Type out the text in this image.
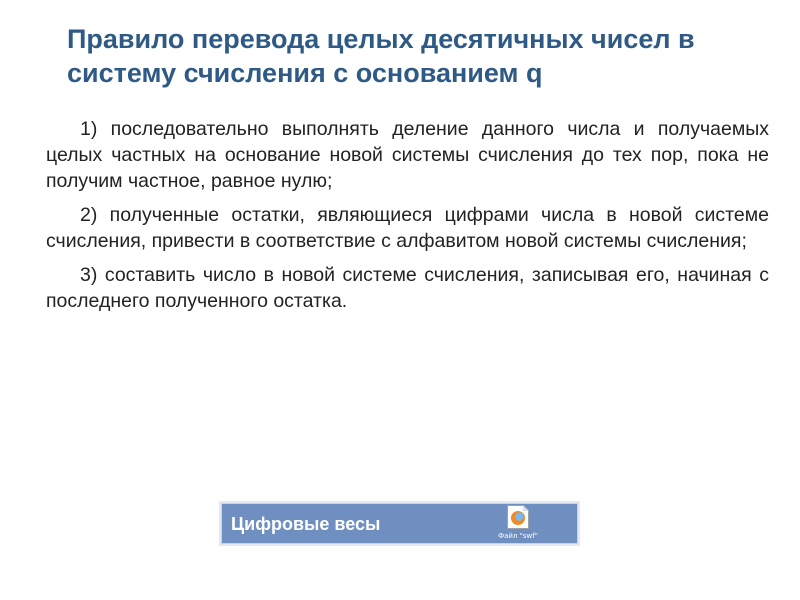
Правило перевода целых десятичных чисел в
систему счисления с основанием q

1) последовательно выполнять деление данного числа и получаемых целых частных на основание новой системы счисления до тех пор, пока не получим частное, равное нулю;

2) полученные остатки, являющиеся цифрами числа в новой системе счисления, привести в соответствие с алфавитом новой системы счисления;

3) составить число в новой системе счисления, записывая его, начиная с последнего полученного остатка.

Цифровые весы
Файл "swf"
